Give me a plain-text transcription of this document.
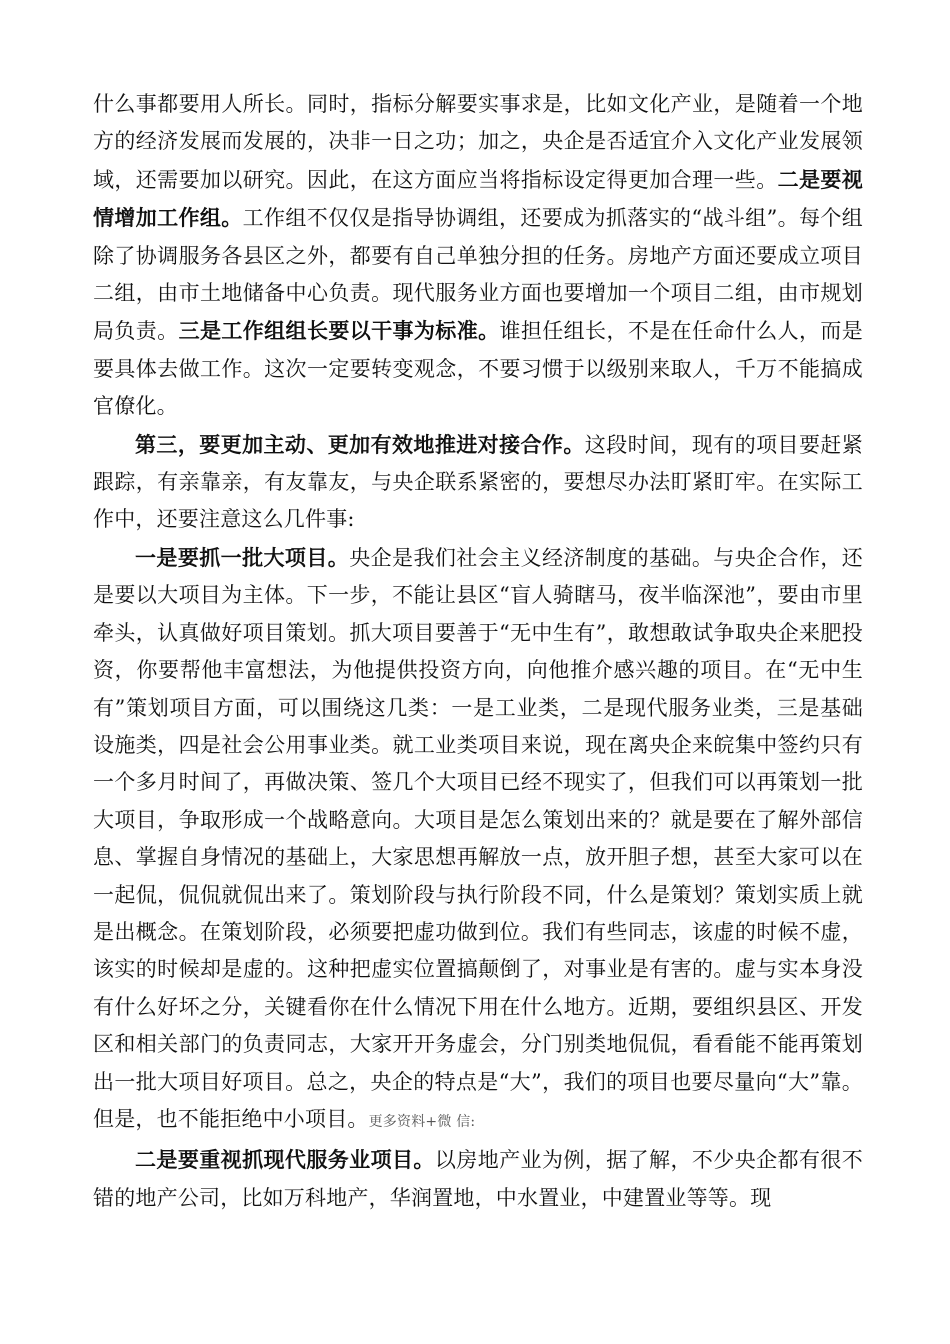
什么事都要用人所长。同时，指标分解要实事求是，比如文化产业，是随着一个地方的经济发展而发展的，决非一日之功；加之，央企是否适宜介入文化产业发展领域，还需要加以研究。因此，在这方面应当将指标设定得更加合理一些。二是要视情增加工作组。工作组不仅仅是指导协调组，还要成为抓落实的“战斗组”。每个组除了协调服务各县区之外，都要有自己单独分担的任务。房地产方面还要成立项目二组，由市土地储备中心负责。现代服务业方面也要增加一个项目二组，由市规划局负责。三是工作组组长要以干事为标准。谁担任组长，不是在任命什么人，而是要具体去做工作。这次一定要转变观念，不要习惯于以级别来取人，千万不能搞成官僚化。

第三，要更加主动、更加有效地推进对接合作。这段时间，现有的项目要赶紧跟踪，有亲靠亲，有友靠友，与央企联系紧密的，要想尽办法盯紧盯牢。在实际工作中，还要注意这么几件事:

一是要抓一批大项目。央企是我们社会主义经济制度的基础。与央企合作，还是要以大项目为主体。下一步，不能让县区“盲人骑瞎马，夜半临深池”，要由市里牵头，认真做好项目策划。抓大项目要善于“无中生有”，敢想敢试争取央企来肥投资，你要帮他丰富想法，为他提供投资方向，向他推介感兴趣的项目。在“无中生有”策划项目方面，可以围绕这几类：一是工业类，二是现代服务业类，三是基础设施类，四是社会公用事业类。就工业类项目来说，现在离央企来皖集中签约只有一个多月时间了，再做决策、签几个大项目已经不现实了，但我们可以再策划一批大项目，争取形成一个战略意向。大项目是怎么策划出来的？就是要在了解外部信息、掌握自身情况的基础上，大家思想再解放一点，放开胆子想，甚至大家可以在一起侃，侃侃就侃出来了。策划阶段与执行阶段不同，什么是策划？策划实质上就是出概念。在策划阶段，必须要把虚功做到位。我们有些同志，该虚的时候不虚，该实的时候却是虚的。这种把虚实位置搞颠倒了，对事业是有害的。虚与实本身没有什么好坏之分，关键看你在什么情况下用在什么地方。近期，要组织县区、开发区和相关部门的负责同志，大家开开务虚会，分门别类地侃侃，看看能不能再策划出一批大项目好项目。总之，央企的特点是“大”，我们的项目也要尽量向“大”靠。但是，也不能拒绝中小项目。更多资料+微 信:

二是要重视抓现代服务业项目。以房地产业为例，据了解，不少央企都有很不错的地产公司，比如万科地产，华润置地，中水置业，中建置业等等。现
